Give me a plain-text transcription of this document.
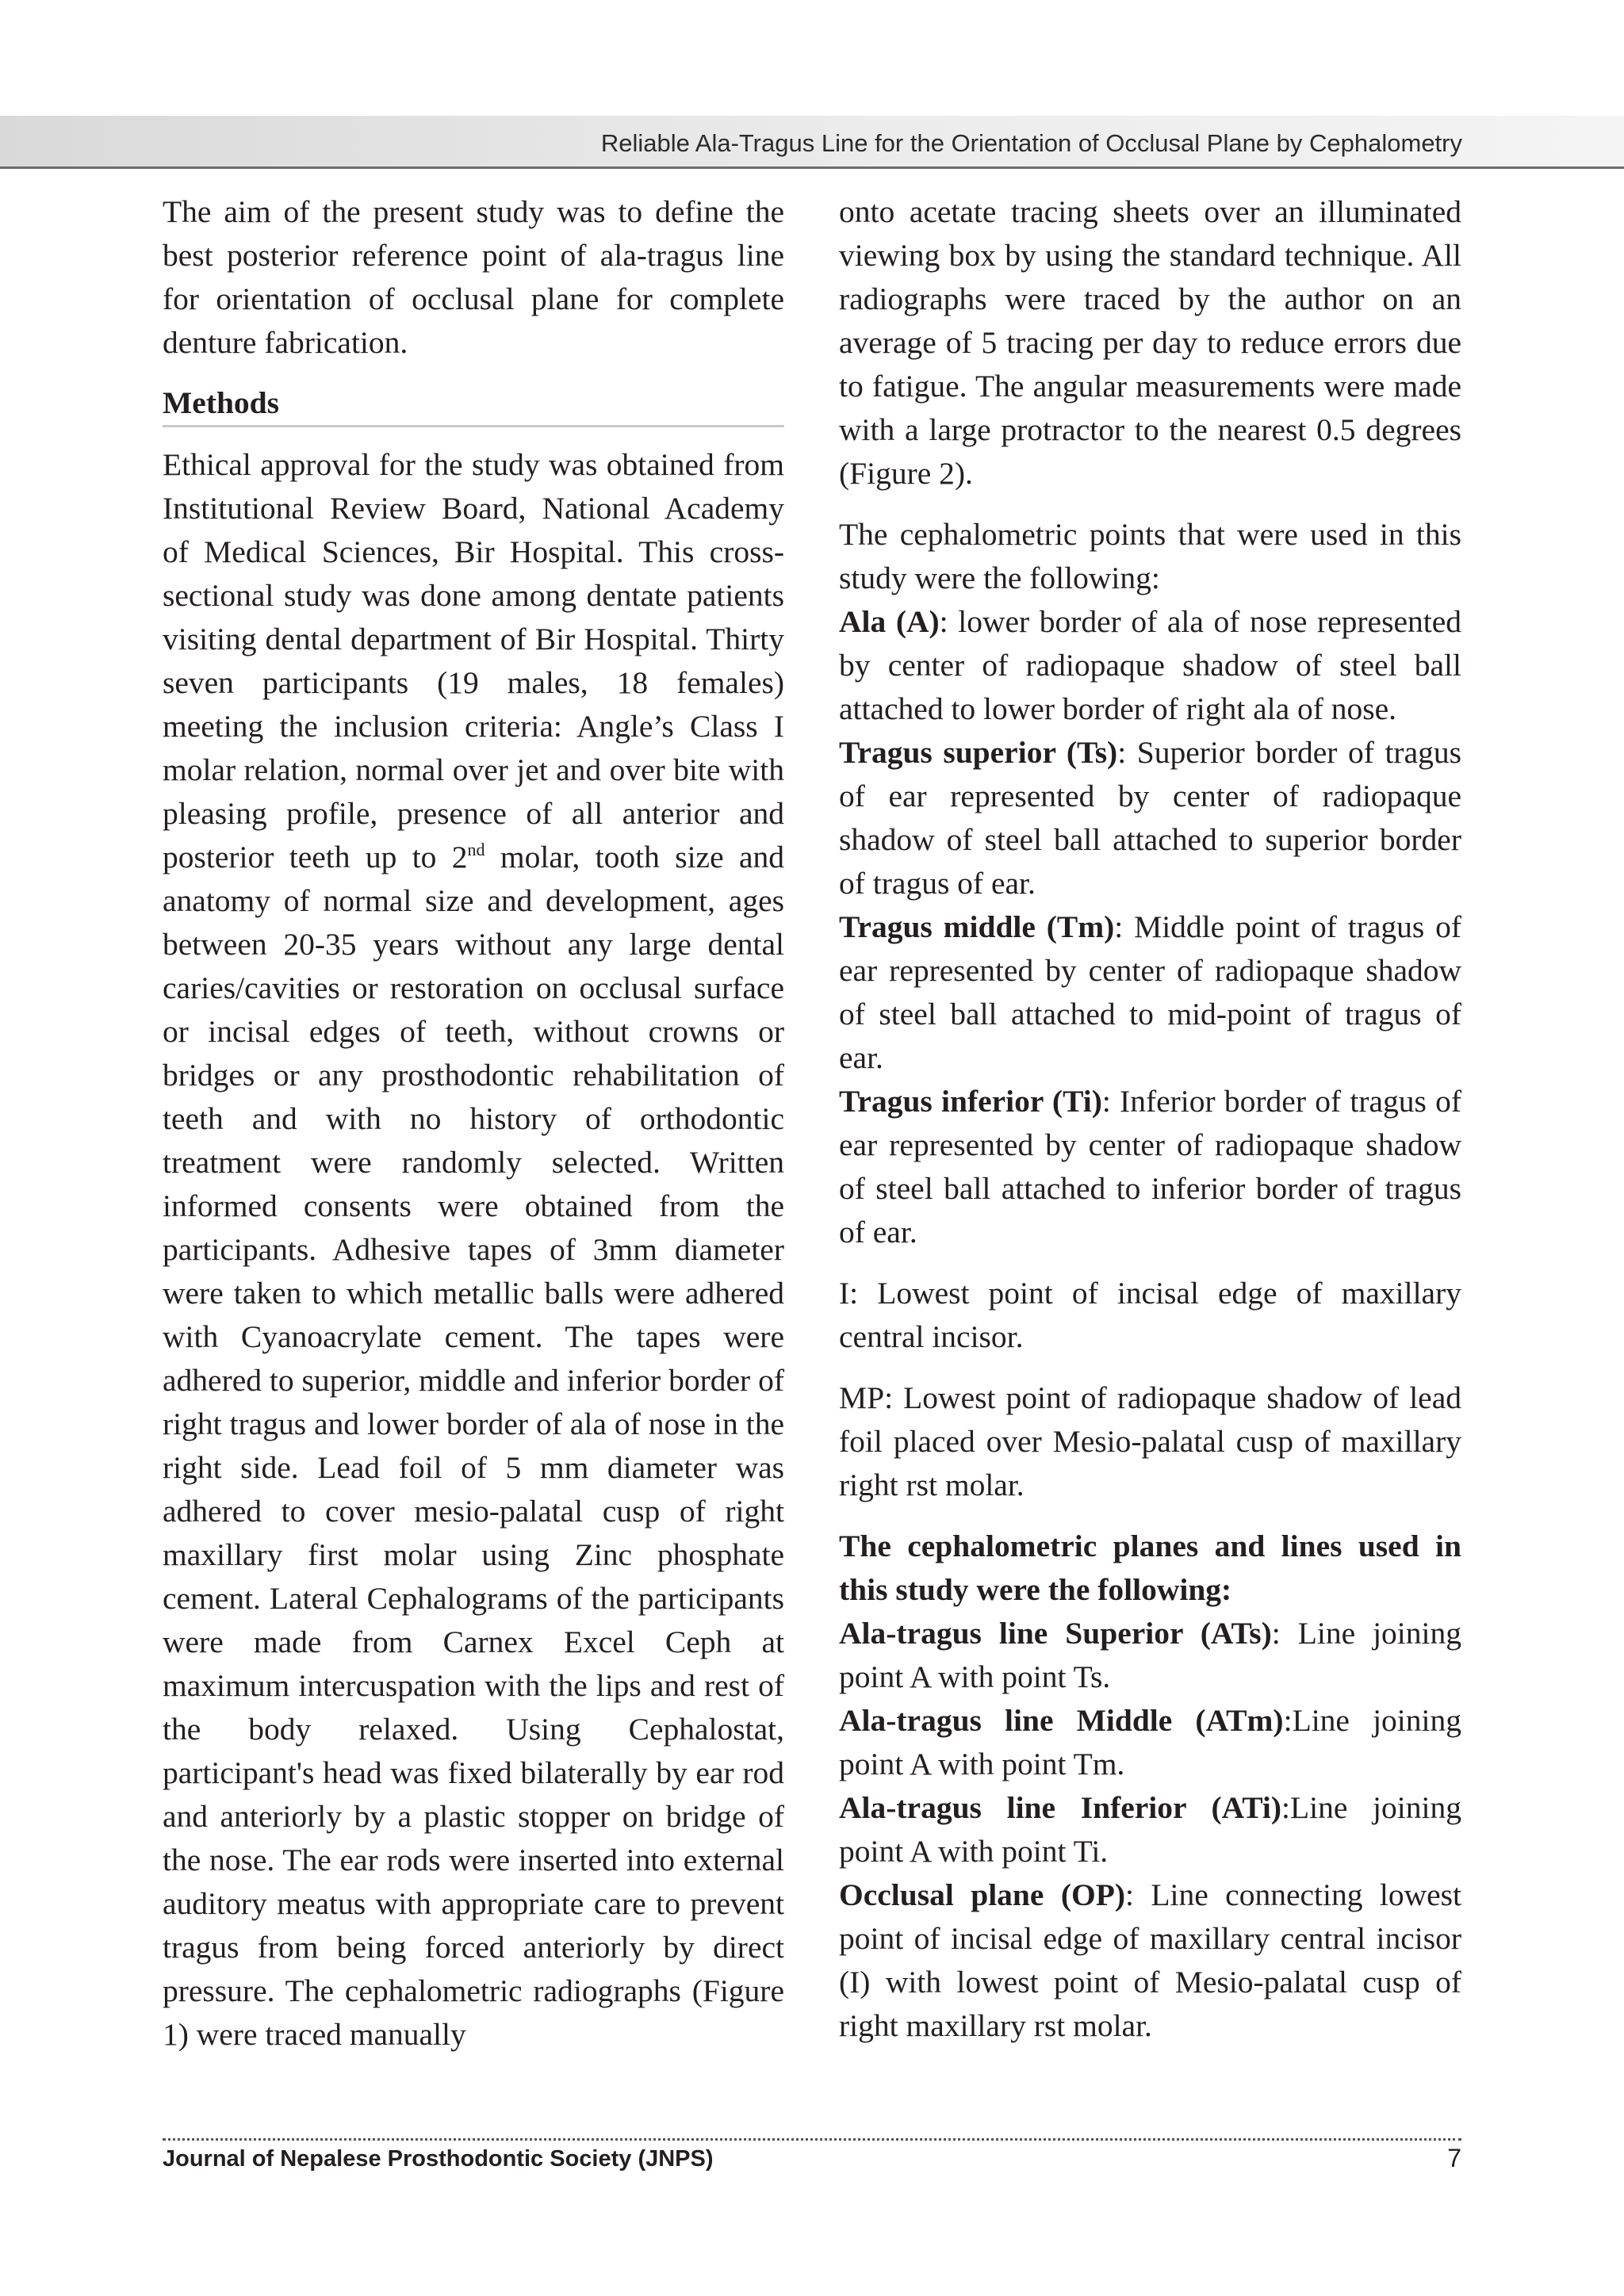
Reliable Ala-Tragus Line for the Orientation of Occlusal Plane by Cephalometry

The aim of the present study was to define the best posterior reference point of ala-tragus line for orientation of occlusal plane for complete denture fabrication.

Methods

Ethical approval for the study was obtained from Institutional Review Board, National Academy of Medical Sciences, Bir Hospital. This cross-sectional study was done among dentate patients visiting dental department of Bir Hospital. Thirty seven participants (19 males, 18 females) meeting the inclusion criteria: Angle’s Class I molar relation, normal over jet and over bite with pleasing profile, presence of all anterior and posterior teeth up to 2nd molar, tooth size and anatomy of normal size and development, ages between 20-35 years without any large dental caries/cavities or restoration on occlusal surface or incisal edges of teeth, without crowns or bridges or any prosthodontic rehabilitation of teeth and with no history of orthodontic treatment were randomly selected. Written informed consents were obtained from the participants. Adhesive tapes of 3mm diameter were taken to which metallic balls were adhered with Cyanoacrylate cement. The tapes were adhered to superior, middle and inferior border of right tragus and lower border of ala of nose in the right side. Lead foil of 5 mm diameter was adhered to cover mesio-palatal cusp of right maxillary first molar using Zinc phosphate cement. Lateral Cephalograms of the participants were made from Carnex Excel Ceph at maximum intercuspation with the lips and rest of the body relaxed. Using Cephalostat, participant's head was fixed bilaterally by ear rod and anteriorly by a plastic stopper on bridge of the nose. The ear rods were inserted into external auditory meatus with appropriate care to prevent tragus from being forced anteriorly by direct pressure. The cephalometric radiographs (Figure 1) were traced manually

onto acetate tracing sheets over an illuminated viewing box by using the standard technique. All radiographs were traced by the author on an average of 5 tracing per day to reduce errors due to fatigue. The angular measurements were made with a large protractor to the nearest 0.5 degrees (Figure 2).

The cephalometric points that were used in this study were the following:

Ala (A): lower border of ala of nose represented by center of radiopaque shadow of steel ball attached to lower border of right ala of nose.

Tragus superior (Ts): Superior border of tragus of ear represented by center of radiopaque shadow of steel ball attached to superior border of tragus of ear.

Tragus middle (Tm): Middle point of tragus of ear represented by center of radiopaque shadow of steel ball attached to mid-point of tragus of ear.

Tragus inferior (Ti): Inferior border of tragus of ear represented by center of radiopaque shadow of steel ball attached to inferior border of tragus of ear.

I: Lowest point of incisal edge of maxillary central incisor.

MP: Lowest point of radiopaque shadow of lead foil placed over Mesio-palatal cusp of maxillary right rst molar.

The cephalometric planes and lines used in this study were the following:

Ala-tragus line Superior (ATs): Line joining point A with point Ts.

Ala-tragus line Middle (ATm):Line joining point A with point Tm.

Ala-tragus line Inferior (ATi):Line joining point A with point Ti.

Occlusal plane (OP): Line connecting lowest point of incisal edge of maxillary central incisor (I) with lowest point of Mesio-palatal cusp of right maxillary rst molar.

Journal of Nepalese Prosthodontic Society (JNPS)	7
